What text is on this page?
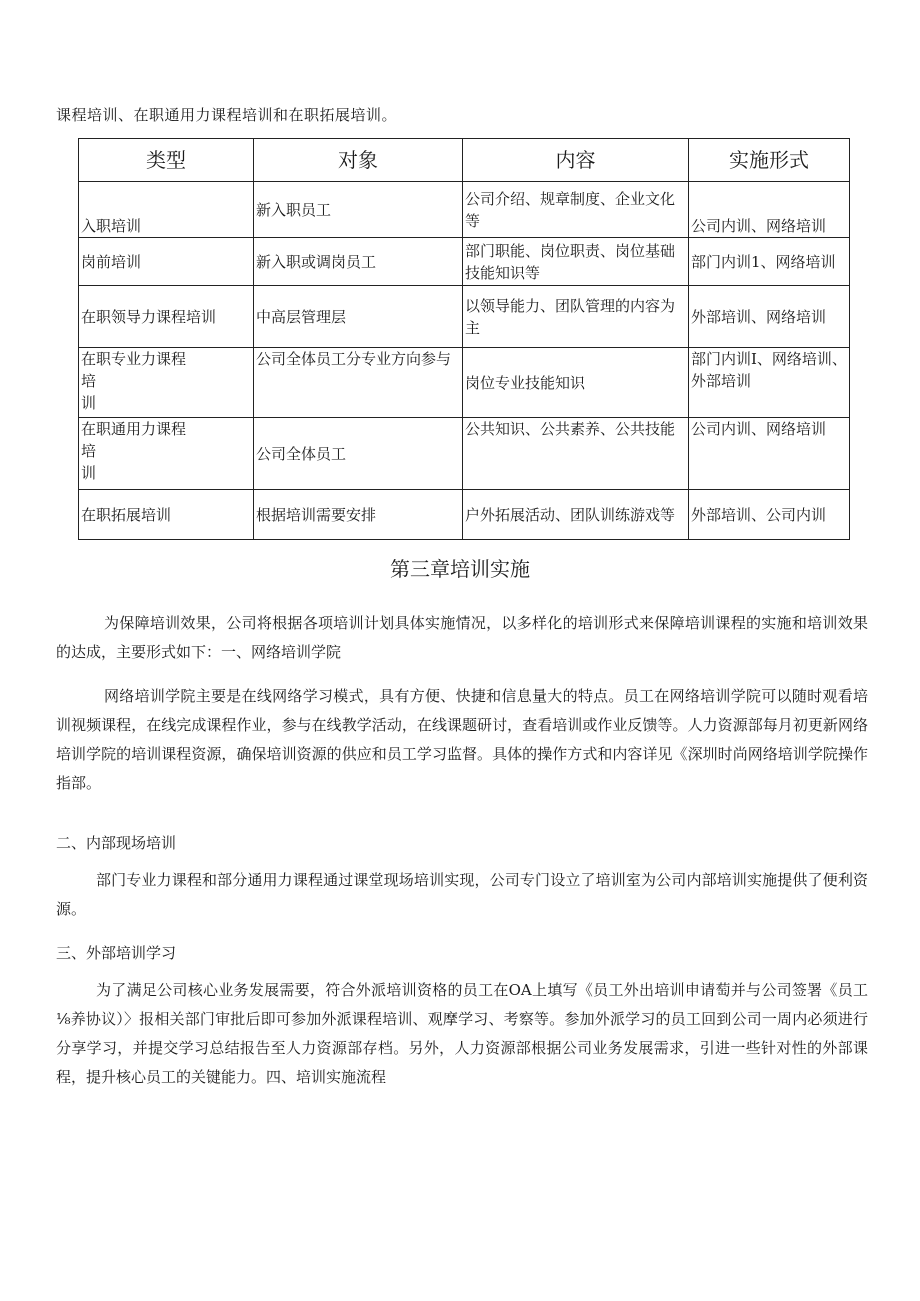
课程培训、在职通用力课程培训和在职拓展培训。
类型	对象	内容	实施形式
入职培训	新入职员工	公司介绍、规章制度、企业文化等	公司内训、网络培训
岗前培训	新入职或调岗员工	部门职能、岗位职责、岗位基础技能知识等	部门内训1、网络培训
在职领导力课程培训	中高层管理层	以领导能力、团队管理的内容为主	外部培训、网络培训
在职专业力课程
培
训	公司全体员工分专业方向参与	岗位专业技能知识	部门内训I、网络培训、外部培训
在职通用力课程
培
训	公司全体员工	公共知识、公共素养、公共技能	公司内训、网络培训
在职拓展培训	根据培训需要安排	户外拓展活动、团队训练游戏等	外部培训、公司内训
第三章培训实施
为保障培训效果，公司将根据各项培训计划具体实施情况，以多样化的培训形式来保障培训课程的实施和培训效果的达成，主要形式如下：一、网络培训学院
网络培训学院主要是在线网络学习模式，具有方便、快捷和信息量大的特点。员工在网络培训学院可以随时观看培训视频课程，在线完成课程作业，参与在线教学活动，在线课题研讨，查看培训或作业反馈等。人力资源部每月初更新网络培训学院的培训课程资源，确保培训资源的供应和员工学习监督。具体的操作方式和内容详见《深圳时尚网络培训学院操作指部。
二、内部现场培训
部门专业力课程和部分通用力课程通过课堂现场培训实现，公司专门设立了培训室为公司内部培训实施提供了便利资源。
三、外部培训学习
为了满足公司核心业务发展需要，符合外派培训资格的员工在OA上填写《员工外出培训申请萄并与公司签署《员工⅛养协议）〉报相关部门审批后即可参加外派课程培训、观摩学习、考察等。参加外派学习的员工回到公司一周内必须进行分享学习，并提交学习总结报告至人力资源部存档。另外，人力资源部根据公司业务发展需求，引进一些针对性的外部课程，提升核心员工的关键能力。四、培训实施流程
